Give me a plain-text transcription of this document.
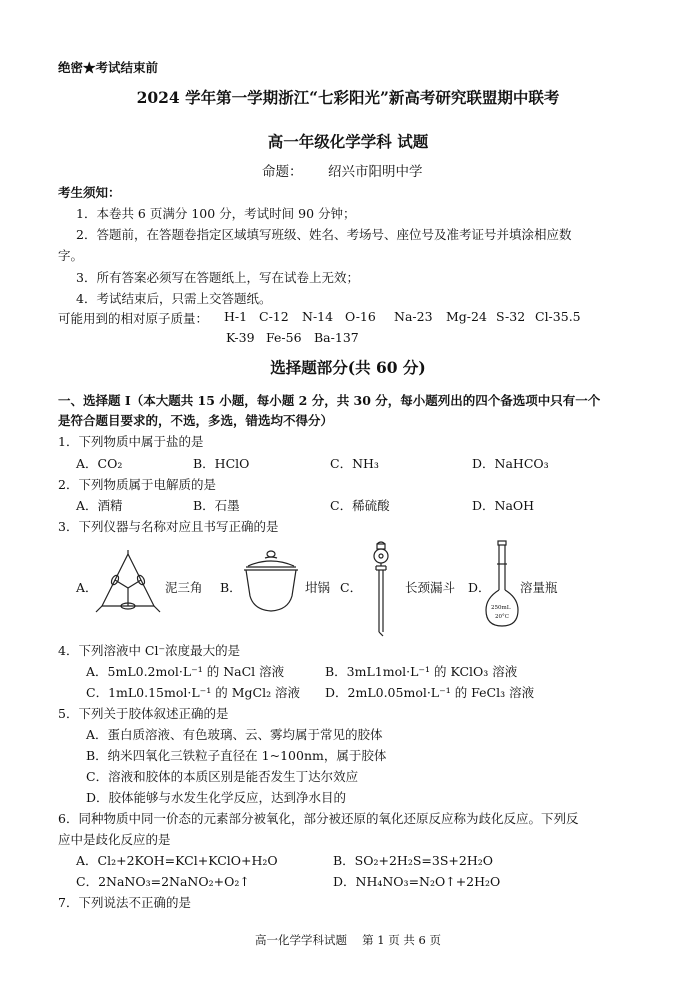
绝密★考试结束前
2024 学年第一学期浙江“七彩阳光”新高考研究联盟期中联考
高一年级化学学科 试题
命题： 绍兴市阳明中学
考生须知：
1．本卷共 6 页满分 100 分，考试时间 90 分钟；
2．答题前，在答题卷指定区域填写班级、姓名、考场号、座位号及准考证号并填涂相应数
字。
3．所有答案必须写在答题纸上，写在试卷上无效；
4．考试结束后，只需上交答题纸。
可能用到的相对原子质量： H-1 C-12 N-14 O-16 Na-23 Mg-24 S-32 Cl-35.5
K-39 Fe-56 Ba-137
选择题部分(共 60 分)
一、选择题 I（本大题共 15 小题，每小题 2 分，共 30 分，每小题列出的四个备选项中只有一个
是符合题目要求的，不选，多选，错选均不得分）
1．下列物质中属于盐的是
A．CO₂	B．HClO	C．NH₃	D．NaHCO₃
2．下列物质属于电解质的是
A．酒精	B．石墨	C．稀硫酸	D．NaOH
3．下列仪器与名称对应且书写正确的是
A．	泥三角 B．	坩锅 C．	长颈漏斗 D．
250mL
20°C
溶量瓶
4．下列溶液中 Cl⁻浓度最大的是
A．5mL0.2mol·L⁻¹ 的 NaCl 溶液	B．3mL1mol·L⁻¹ 的 KClO₃ 溶液
C．1mL0.15mol·L⁻¹ 的 MgCl₂ 溶液 D．2mL0.05mol·L⁻¹ 的 FeCl₃ 溶液
5．下列关于胶体叙述正确的是
A．蛋白质溶液、有色玻璃、云、雾均属于常见的胶体
B．纳米四氧化三铁粒子直径在 1~100nm，属于胶体
C．溶液和胶体的本质区别是能否发生丁达尔效应
D．胶体能够与水发生化学反应，达到净水目的
6．同种物质中同一价态的元素部分被氧化，部分被还原的氧化还原反应称为歧化反应。下列反
应中是歧化反应的是
A．Cl₂+2KOH=KCl+KClO+H₂O	B．SO₂+2H₂S=3S+2H₂O
C．2NaNO₃=2NaNO₂+O₂↑	D．NH₄NO₃=N₂O↑+2H₂O
7．下列说法不正确的是
高一化学学科试题　 第 1 页 共 6 页
